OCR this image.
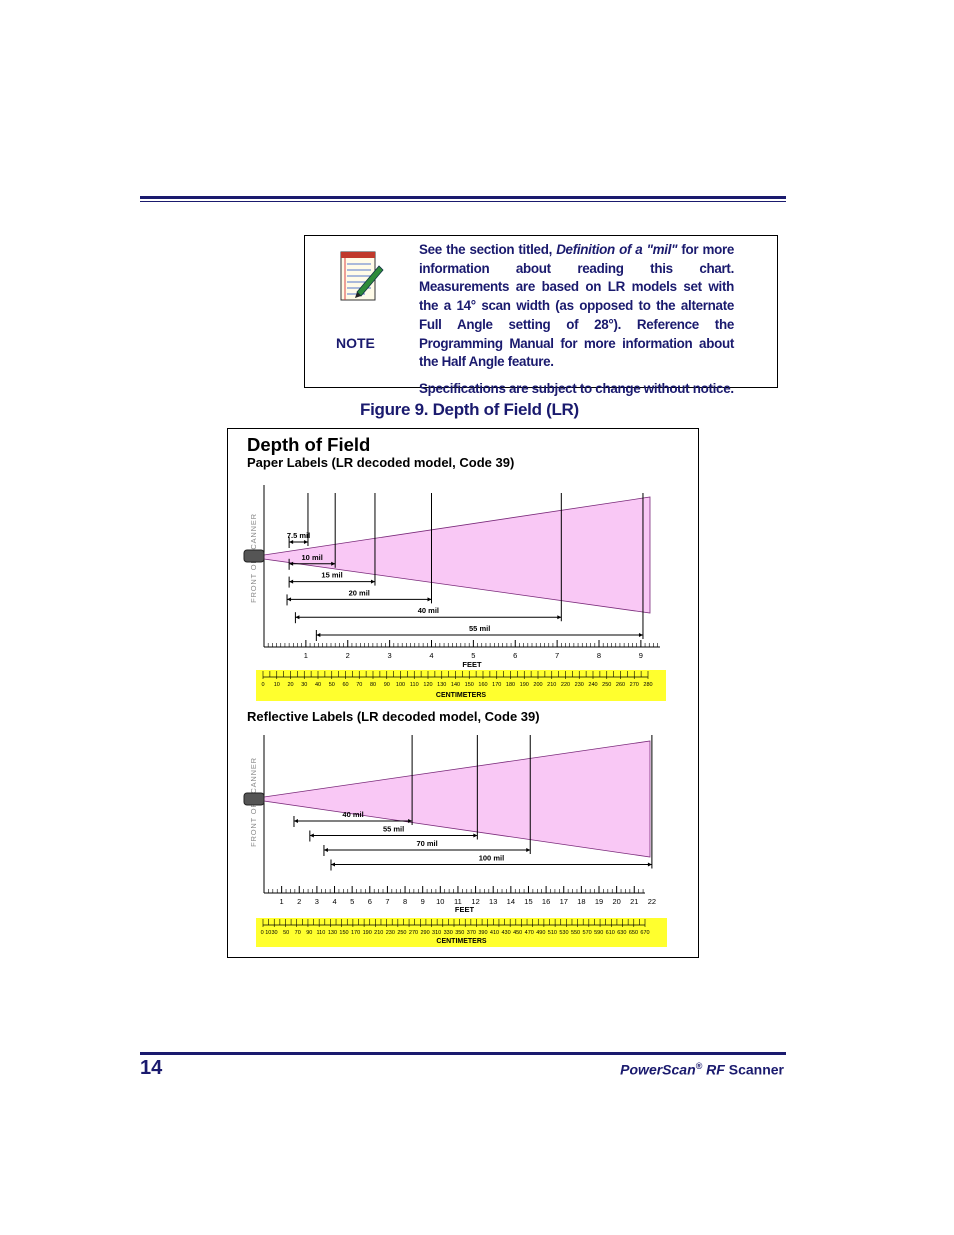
NOTE

See the section titled, Definition of a "mil" for more information about reading this chart. Measurements are based on LR models set with the a 14° scan width (as opposed to the alternate Full Angle setting of 28°). Reference the Programming Manual for more information about the Half Angle feature.

Specifications are subject to change without notice.

Figure 9. Depth of Field (LR)
Depth of Field
Paper Labels (LR decoded model, Code 39)
Reflective Labels (LR decoded model, Code 39)
7.5 mil
10 mil
15 mil
20 mil
40 mil
55 mil
1	2	3	4	5	6	7	8	9
FEET
0 10 20 30 40 50 60 70 80 90 100 110 120 130 140 150 160 170 180 190 200 210 220 230 240 250 260 270 280
CENTIMETERS
40 mil
55 mil
70 mil
100 mil
1 2 3 4 5 6 7 8 9 10 11 12 13 14 15 16 17 18 19 20 21 22
FEET
0 10 30 50 70 90 110 130 150 170 190 210 230 250 270 290 310 330 350 370 390 410 430 450 470 490 510 530 550 570 590 610 630 650 670
CENTIMETERS
14	PowerScan® RF Scanner
